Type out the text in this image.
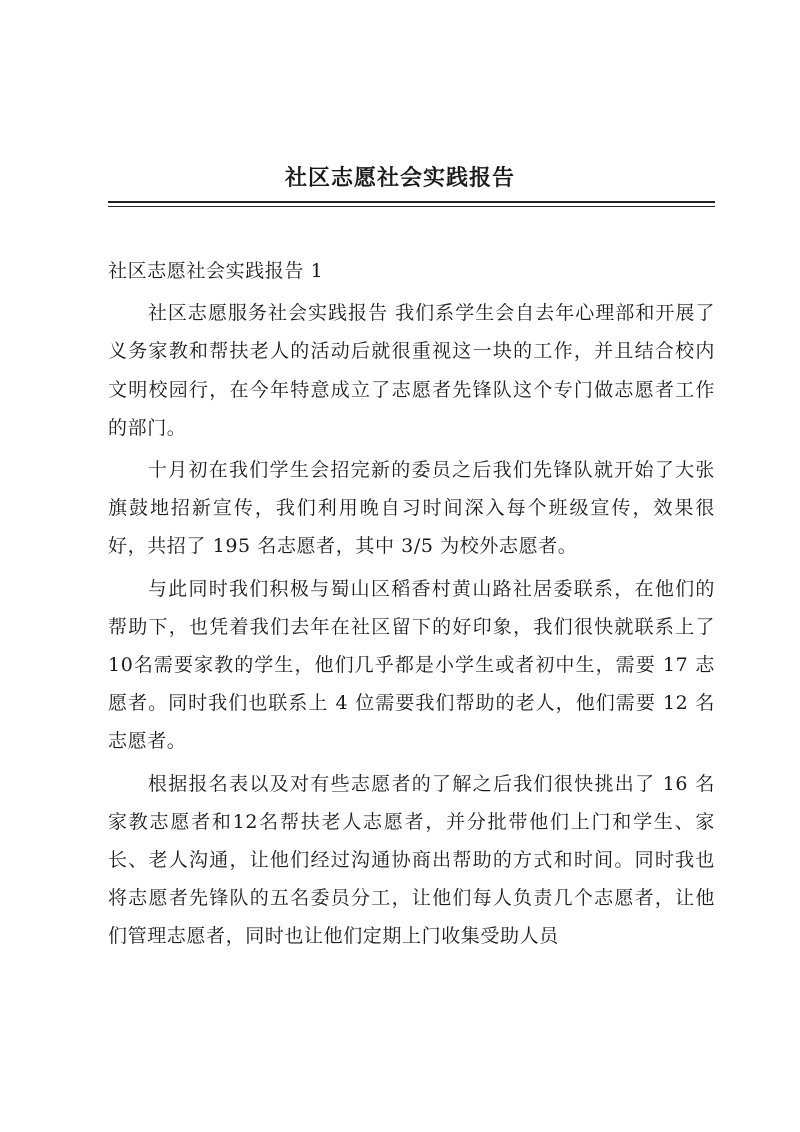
社区志愿社会实践报告

社区志愿社会实践报告 1

社区志愿服务社会实践报告 我们系学生会自去年心理部和开展了义务家教和帮扶老人的活动后就很重视这一块的工作，并且结合校内文明校园行，在今年特意成立了志愿者先锋队这个专门做志愿者工作的部门。

十月初在我们学生会招完新的委员之后我们先锋队就开始了大张旗鼓地招新宣传，我们利用晚自习时间深入每个班级宣传，效果很好，共招了 195 名志愿者，其中 3/5 为校外志愿者。

与此同时我们积极与蜀山区稻香村黄山路社居委联系，在他们的帮助下，也凭着我们去年在社区留下的好印象，我们很快就联系上了10名需要家教的学生，他们几乎都是小学生或者初中生，需要 17 志愿者。同时我们也联系上 4 位需要我们帮助的老人，他们需要 12 名志愿者。

根据报名表以及对有些志愿者的了解之后我们很快挑出了 16 名家教志愿者和12名帮扶老人志愿者，并分批带他们上门和学生、家长、老人沟通，让他们经过沟通协商出帮助的方式和时间。同时我也将志愿者先锋队的五名委员分工，让他们每人负责几个志愿者，让他们管理志愿者，同时也让他们定期上门收集受助人员
